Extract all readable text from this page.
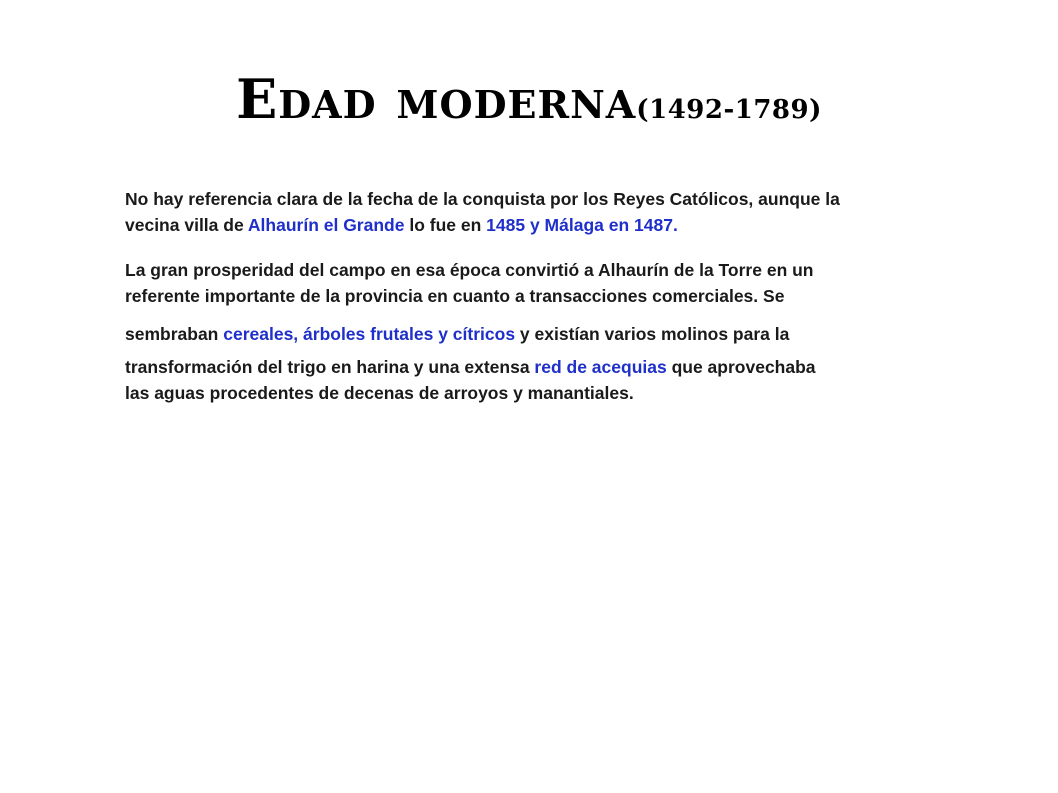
Edad moderna(1492-1789)
No hay referencia clara de la fecha de la conquista por los Reyes Católicos, aunque la
vecina villa de Alhaurín el Grande lo fue en 1485 y Málaga en 1487.
La gran prosperidad del campo en esa época convirtió a Alhaurín de la Torre en un
referente importante de la provincia en cuanto a transacciones comerciales. Se
sembraban cereales, árboles frutales y cítricos y existían varios molinos para la
transformación del trigo en harina y una extensa red de acequias que aprovechaba
las aguas procedentes de decenas de arroyos y manantiales.
